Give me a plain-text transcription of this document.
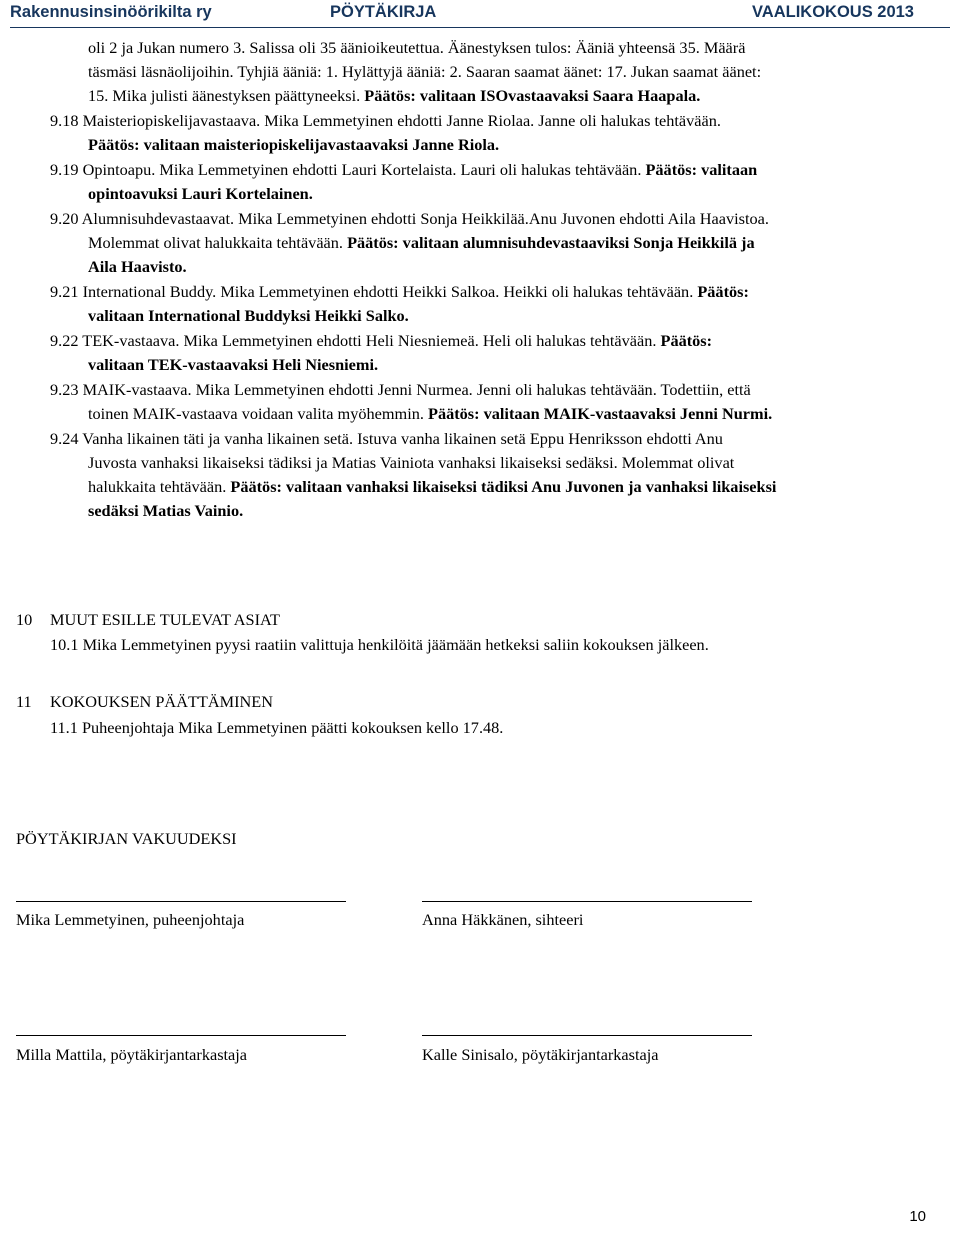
Rakennusinsinöörikilta ry	PÖYTÄKIRJA	VAALIKOKOUS 2013
oli 2 ja Jukan numero 3. Salissa oli 35 äänioikeutettua. Äänestyksen tulos: Ääniä yhteensä 35. Määrä
täsmäsi läsnäolijoihin. Tyhjiä ääniä: 1. Hylättyjä ääniä: 2. Saaran saamat äänet: 17. Jukan saamat äänet:
15. Mika julisti äänestyksen päättyneeksi. Päätös: valitaan ISOvastaavaksi Saara Haapala.
9.18 Maisteriopiskelijavastaava. Mika Lemmetyinen ehdotti Janne Riolaa. Janne oli halukas tehtävään.
Päätös: valitaan maisteriopiskelijavastaavaksi Janne Riola.
9.19 Opintoapu. Mika Lemmetyinen ehdotti Lauri Kortelaista. Lauri oli halukas tehtävään. Päätös: valitaan
opintoavuksi Lauri Kortelainen.
9.20 Alumnisuhdevastaavat. Mika Lemmetyinen ehdotti Sonja Heikkilää.Anu Juvonen ehdotti Aila Haavistoa.
Molemmat olivat halukkaita tehtävään. Päätös: valitaan alumnisuhdevastaaviksi Sonja Heikkilä ja
Aila Haavisto.
9.21 International Buddy. Mika Lemmetyinen ehdotti Heikki Salkoa. Heikki oli halukas tehtävään. Päätös:
valitaan International Buddyksi Heikki Salko.
9.22 TEK-vastaava. Mika Lemmetyinen ehdotti Heli Niesniemeä. Heli oli halukas tehtävään. Päätös:
valitaan TEK-vastaavaksi Heli Niesniemi.
9.23 MAIK-vastaava. Mika Lemmetyinen ehdotti Jenni Nurmea. Jenni oli halukas tehtävään. Todettiin, että
toinen MAIK-vastaava voidaan valita myöhemmin. Päätös: valitaan MAIK-vastaavaksi Jenni Nurmi.
9.24 Vanha likainen täti ja vanha likainen setä. Istuva vanha likainen setä Eppu Henriksson ehdotti Anu
Juvosta vanhaksi likaiseksi tädiksi ja Matias Vainiota vanhaksi likaiseksi sedäksi. Molemmat olivat
halukkaita tehtävään. Päätös: valitaan vanhaksi likaiseksi tädiksi Anu Juvonen ja vanhaksi likaiseksi
sedäksi Matias Vainio.
10 MUUT ESILLE TULEVAT ASIAT
10.1 Mika Lemmetyinen pyysi raatiin valittuja henkilöitä jäämään hetkeksi saliin kokouksen jälkeen.
11 KOKOUKSEN PÄÄTTÄMINEN
11.1 Puheenjohtaja Mika Lemmetyinen päätti kokouksen kello 17.48.
PÖYTÄKIRJAN VAKUUDEKSI
Mika Lemmetyinen, puheenjohtaja	Anna Häkkänen, sihteeri
Milla Mattila, pöytäkirjantarkastaja	Kalle Sinisalo, pöytäkirjantarkastaja
10
